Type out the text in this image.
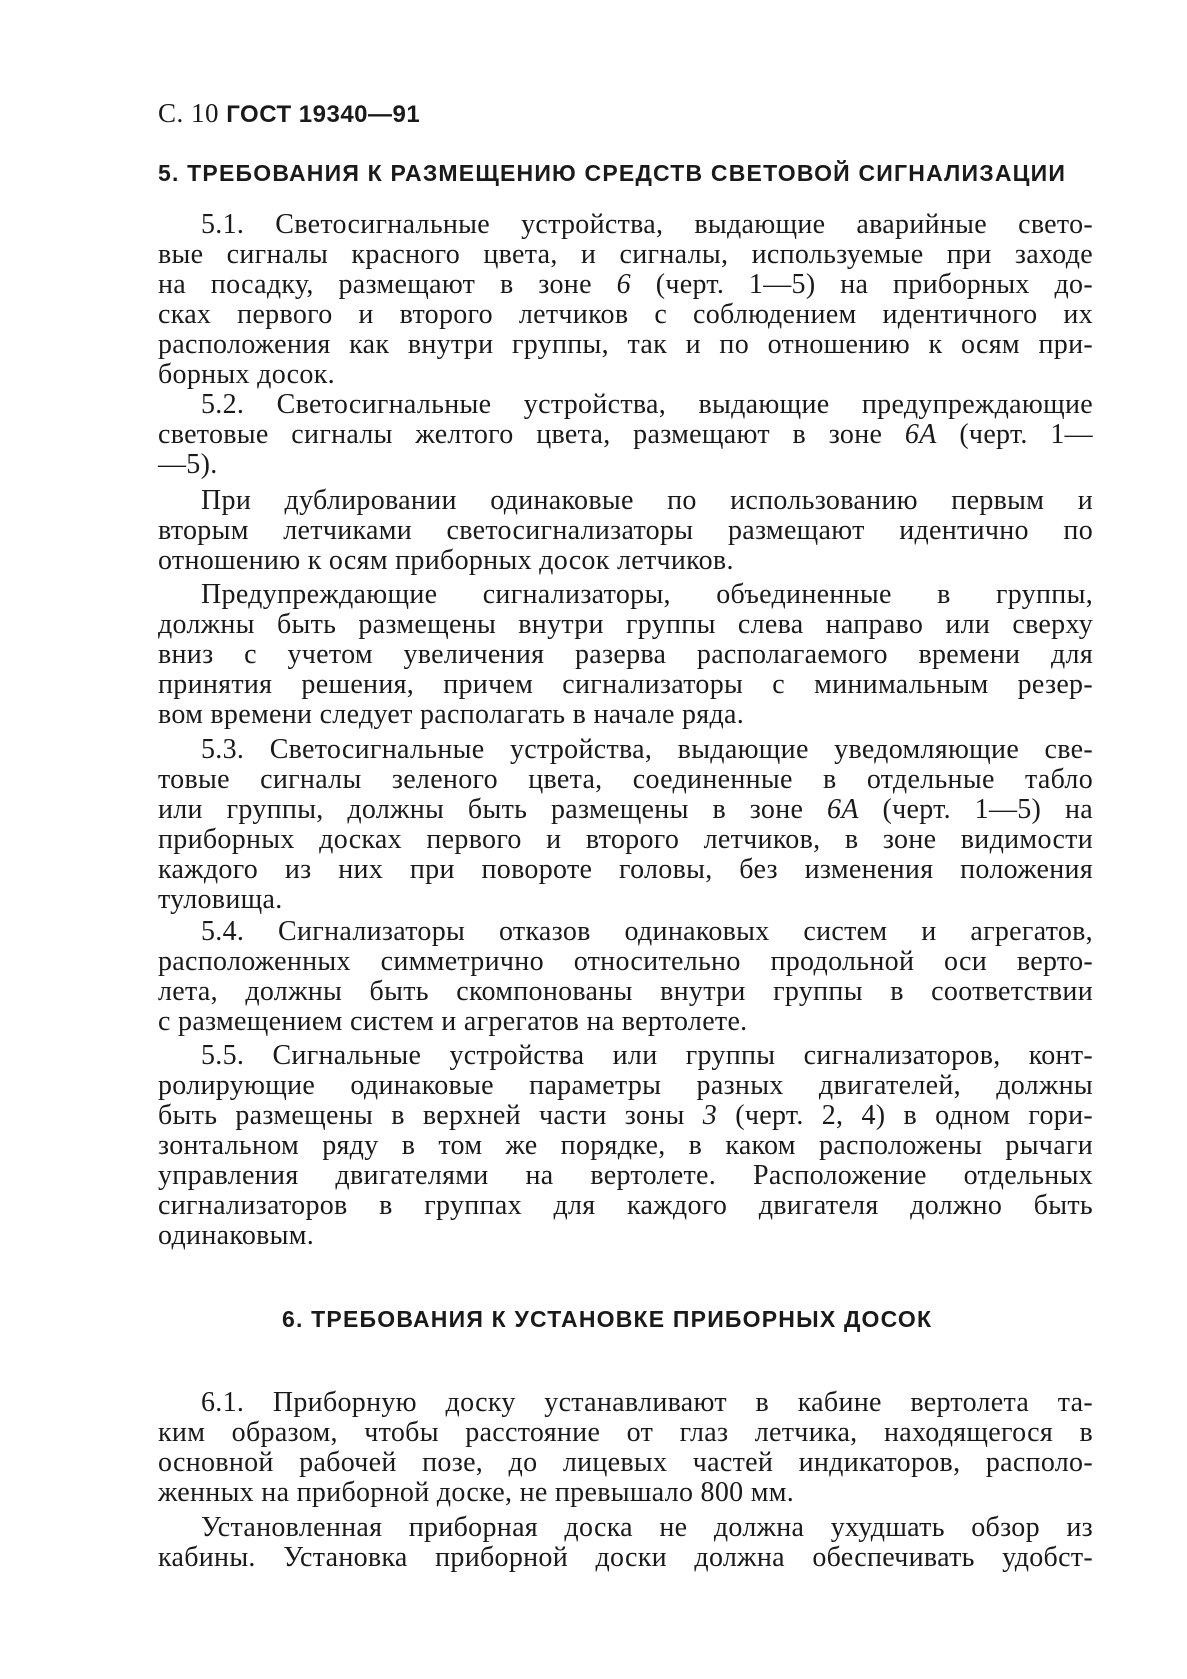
С. 10 ГОСТ 19340—91
5. ТРЕБОВАНИЯ К РАЗМЕЩЕНИЮ СРЕДСТВ СВЕТОВОЙ СИГНАЛИЗАЦИИ
5.1. Светосигнальные устройства, выдающие аварийные свето-
вые сигналы красного цвета, и сигналы, используемые при заходе
на посадку, размещают в зоне 6 (черт. 1—5) на приборных до-
сках первого и второго летчиков с соблюдением идентичного их
расположения как внутри группы, так и по отношению к осям при-
борных досок.
5.2. Светосигнальные устройства, выдающие предупреждающие
световые сигналы желтого цвета, размещают в зоне 6А (черт. 1—
—5).
При дублировании одинаковые по использованию первым и
вторым летчиками светосигнализаторы размещают идентично по
отношению к осям приборных досок летчиков.
Предупреждающие сигнализаторы, объединенные в группы,
должны быть размещены внутри группы слева направо или сверху
вниз с учетом увеличения разерва располагаемого времени для
принятия решения, причем сигнализаторы с минимальным резер-
вом времени следует располагать в начале ряда.
5.3. Светосигнальные устройства, выдающие уведомляющие све-
товые сигналы зеленого цвета, соединенные в отдельные табло
или группы, должны быть размещены в зоне 6А (черт. 1—5) на
приборных досках первого и второго летчиков, в зоне видимости
каждого из них при повороте головы, без изменения положения
туловища.
5.4. Сигнализаторы отказов одинаковых систем и агрегатов,
расположенных симметрично относительно продольной оси верто-
лета, должны быть скомпонованы внутри группы в соответствии
с размещением систем и агрегатов на вертолете.
5.5. Сигнальные устройства или группы сигнализаторов, конт-
ролирующие одинаковые параметры разных двигателей, должны
быть размещены в верхней части зоны 3 (черт. 2, 4) в одном гори-
зонтальном ряду в том же порядке, в каком расположены рычаги
управления двигателями на вертолете. Расположение отдельных
сигнализаторов в группах для каждого двигателя должно быть
одинаковым.
6. ТРЕБОВАНИЯ К УСТАНОВКЕ ПРИБОРНЫХ ДОСОК
6.1. Приборную доску устанавливают в кабине вертолета та-
ким образом, чтобы расстояние от глаз летчика, находящегося в
основной рабочей позе, до лицевых частей индикаторов, располо-
женных на приборной доске, не превышало 800 мм.
Установленная приборная доска не должна ухудшать обзор из
кабины. Установка приборной доски должна обеспечивать удобст-
